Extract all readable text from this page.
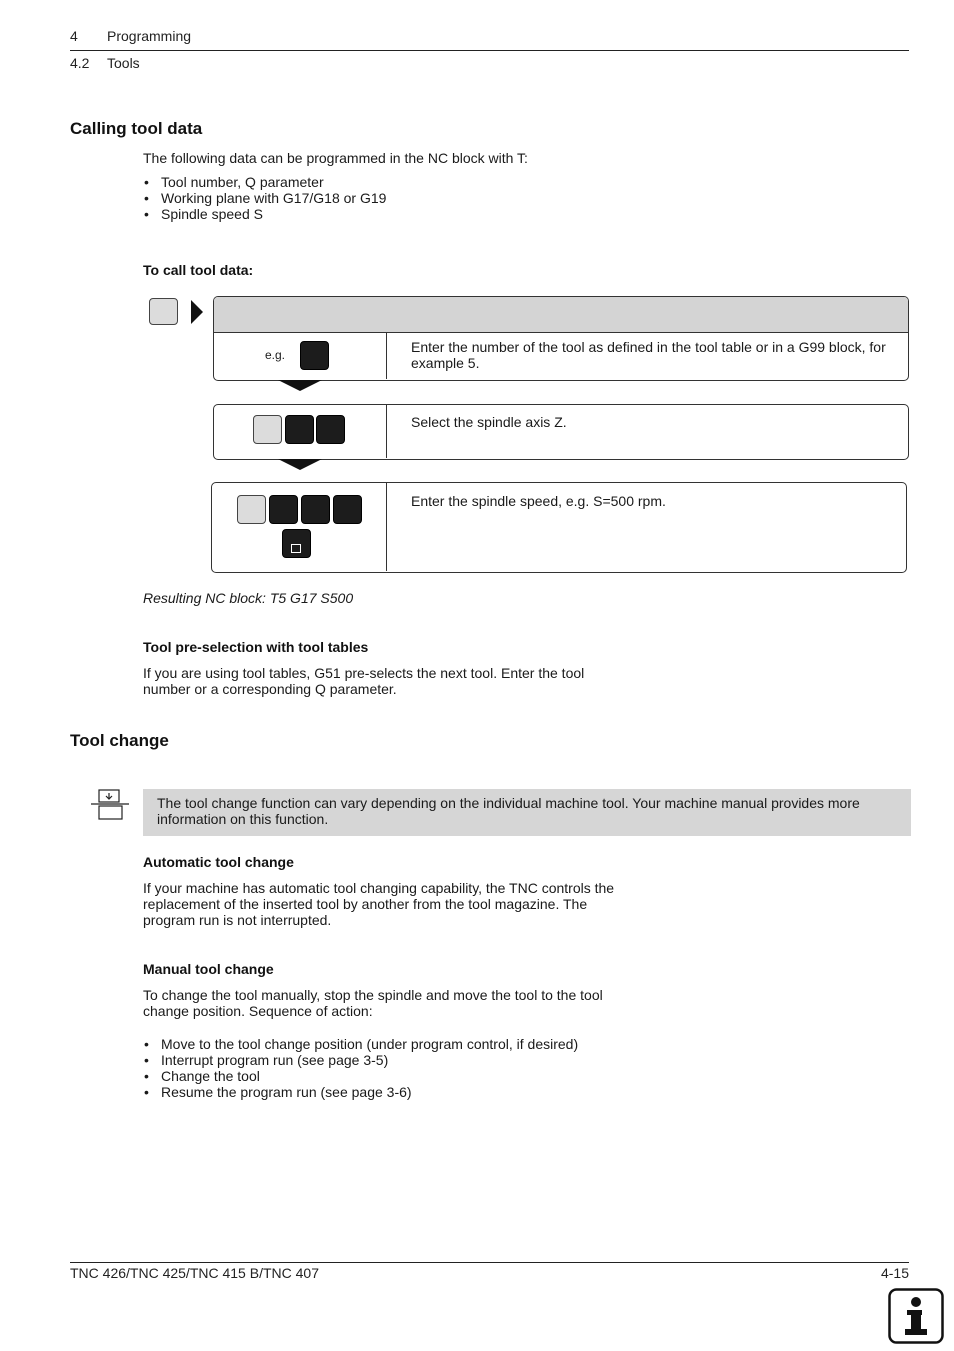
4 Programming
4.2 Tools
Calling tool data

The following data can be programmed in the NC block with T:

• Tool number, Q parameter
• Working plane with G17/G18 or G19
• Spindle speed S
To call tool data:
e.g.	Enter the number of the tool as defined in the tool table or in a G99 block, for example 5.

Select the spindle axis Z.

Enter the spindle speed, e.g. S=500 rpm.

Resulting NC block: T5 G17 S500

Tool pre-selection with tool tables

If you are using tool tables, G51 pre-selects the next tool. Enter the tool number or a corresponding Q parameter.

Tool change

The tool change function can vary depending on the individual machine tool. Your machine manual provides more information on this function.

Automatic tool change

If your machine has automatic tool changing capability, the TNC controls the replacement of the inserted tool by another from the tool magazine. The program run is not interrupted.

Manual tool change

To change the tool manually, stop the spindle and move the tool to the tool change position. Sequence of action:

• Move to the tool change position (under program control, if desired)
• Interrupt program run (see page 3-5)
• Change the tool
• Resume the program run (see page 3-6)
TNC 426/TNC 425/TNC 415 B/TNC 407	4-15
